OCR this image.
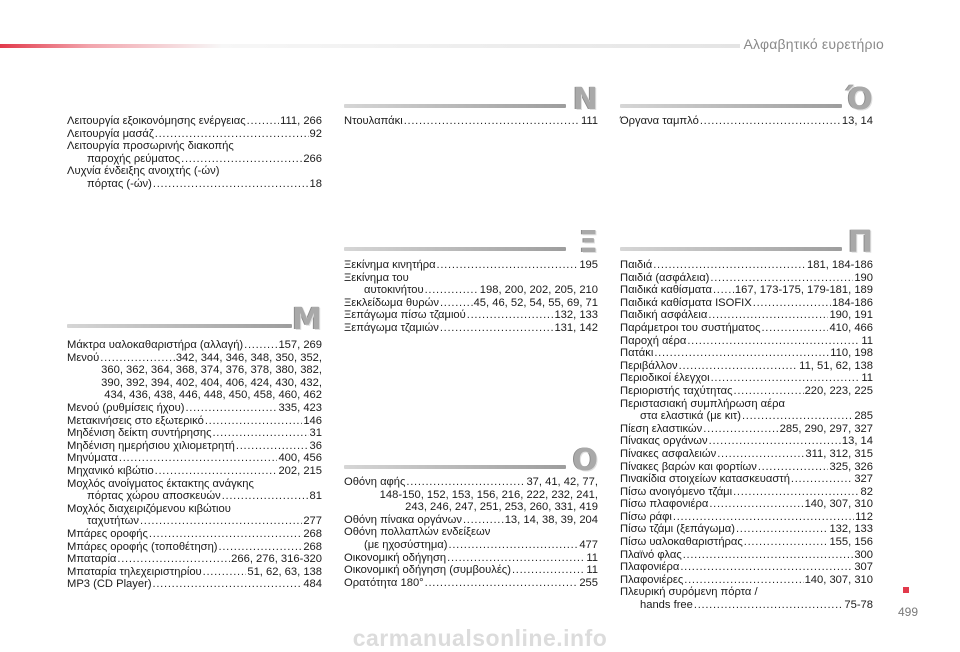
Αλφαβητικό ευρετήριο
Λειτουργία εξοικονόμησης ενέργειας . . .	111, 266
Λειτουργία μασάζ . . .	92
Λειτουργία προσωρινής διακοπής
παροχής ρεύματος . . .	266
Λυχνία ένδειξης ανοιχτής (-ών)
πόρτας (-ών) . . .	18
M
Μάκτρα υαλοκαθαριστήρα (αλλαγή) . . .	157, 269
Μενού . . .	342, 344, 346, 348, 350, 352,
360, 362, 364, 368, 374, 376, 378, 380, 382,
390, 392, 394, 402, 404, 406, 424, 430, 432,
434, 436, 438, 446, 448, 450, 458, 460, 462
Μενού (ρυθμίσεις ήχου) . . .	335, 423
Μετακινήσεις στο εξωτερικό . . .	146
Μηδένιση δείκτη συντήρησης . . .	31
Μηδένιση ημερήσιου χιλιομετρητή . . .	36
Μηνύματα . . .	400, 456
Μηχανικό κιβώτιο . . .	202, 215
Μοχλός ανοίγματος έκτακτης ανάγκης
πόρτας χώρου αποσκευών . . .	81
Μοχλός διαχειριζόμενου κιβώτιου
ταχυτήτων . . .	277
Μπάρες οροφής . . .	268
Μπάρες οροφής (τοποθέτηση) . . .	268
Μπαταρία . . .	266, 276, 316-320
Μπαταρία τηλεχειριστηρίου . . .	51, 62, 63, 138
MP3 (CD Player) . . .	484
N
Ντουλαπάκι . . .	111
Ξ
Ξεκίνημα κινητήρα . . .	195
Ξεκίνημα του
αυτοκινήτου . . .	198, 200, 202, 205, 210
Ξεκλείδωμα θυρών . . .	45, 46, 52, 54, 55, 69, 71
Ξεπάγωμα πίσω τζαμιού . . .	132, 133
Ξεπάγωμα τζαμιών . . .	131, 142
O
Οθόνη αφής . . .	37, 41, 42, 77,
148-150, 152, 153, 156, 216, 222, 232, 241,
243, 246, 247, 251, 253, 260, 331, 419
Οθόνη πίνακα οργάνων . . .	13, 14, 38, 39, 204
Οθόνη πολλαπλών ενδείξεων
(με ηχοσύστημα) . . .	477
Οικονομική οδήγηση . . .	11
Οικονομική οδήγηση (συμβουλές) . . .	11
Ορατότητα 180° . . .	255
Ό
Όργανα ταμπλό . . .	13, 14
Π
Παιδιά . . .	181, 184-186
Παιδιά (ασφάλεια) . . .	190
Παιδικά καθίσματα . . . 167, 173-175, 179-181, 189
Παιδικά καθίσματα ISOFIX . . .	184-186
Παιδική ασφάλεια . . .	190, 191
Παράμετροι του συστήματος . . .	410, 466
Παροχή αέρα . . .	11
Πατάκι . . .	110, 198
Περιβάλλον . . .	11, 51, 62, 138
Περιοδικοί έλεγχοι . . .	11
Περιοριστής ταχύτητας . . .	220, 223, 225
Περιστασιακή συμπλήρωση αέρα
στα ελαστικά (με κιτ) . . .	285
Πίεση ελαστικών . . .	285, 290, 297, 327
Πίνακας οργάνων . . .	13, 14
Πίνακες ασφαλειών . . .	311, 312, 315
Πίνακες βαρών και φορτίων . . .	325, 326
Πινακίδια στοιχείων κατασκευαστή . . .	327
Πίσω ανοιγόμενο τζάμι . . .	82
Πίσω πλαφονιέρα . . .	140, 307, 310
Πίσω ράφι . . .	112
Πίσω τζάμι (ξεπάγωμα) . . .	132, 133
Πίσω υαλοκαθαριστήρας . . .	155, 156
Πλαϊνό φλας . . .	300
Πλαφονιέρα . . .	307
Πλαφονιέρες . . .	140, 307, 310
Πλευρική συρόμενη πόρτα /
hands free . . .	75-78 499
carmanualsonline.info
